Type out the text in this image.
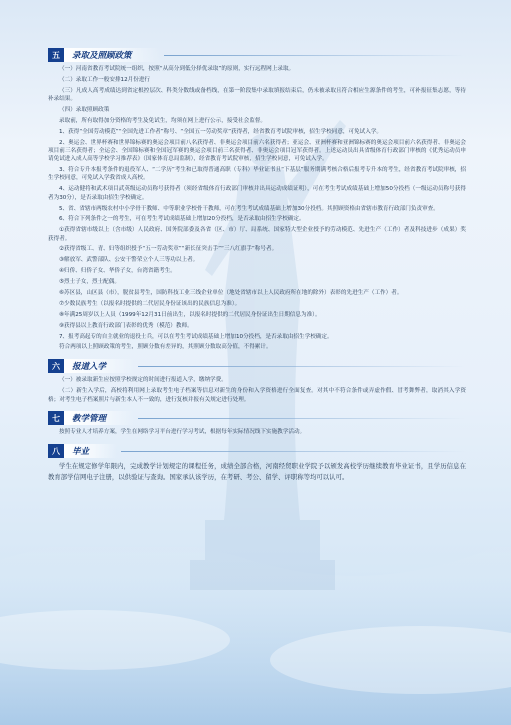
五	录取及照顾政策

（一）河南省教育考试院统一组织，按照“从高分到低分择优录取”的原则，实行远程网上录取。

（二）录取工作一般安排12月份进行

（三）凡成人高考成绩达到省定根控层次、科类分数线或备档线，在第一阶段集中录取填报结束后，仍未被录取且符合相应生源条件的考生，可补报征集志愿，等待补录结果。

（四）录取照顾政策

录取前，所有取得加分资格的考生及免试生，均须在网上进行公示，接受社会监督。

1、获得“全国劳动模范”“全国先进工作者”称号、“全国五一劳动奖章”获得者，经省教育考试院审核，招生学校同意，可免试入学。

2、奥运会、世界杯赛和世界锦标赛的奥运会项目前八名获得者、非奥运会项目前六名获得者；亚运会、亚洲杯赛和亚洲锦标赛的奥运会项目前六名获得者、非奥运会项目前三名获得者；全运会、全国锦标赛和全国冠军赛的奥运会项目前三名获得者、非奥运会项目冠军获得者。上述运动员出具省级体育行政部门审核的《优秀运动员申请免试进入成人高等学校学习推荐表》（国家体育总局监制），经省教育考试院审核，招生学校同意，可免试入学。

3、符合专升本报考条件的退役军人、“二学历”考生和已取得普通高职（专科）毕业证书且“下基层”服务期满考核合格后报考专升本的考生，经省教育考试院审核，招生学校同意，可免试入学我省成人高校。

4、运动健将和武术项目武英级运动员称号获得者（须经省级体育行政部门审核并出具运动成绩证明），可在考生考试成绩基础上增加50分投档（一级运动员称号获得者为30分），是否录取由招生学校确定。

5、省、省辖市两级农村中小学骨干教师、中等职业学校骨干教师，可在考生考试成绩基础上增加30分投档。其照顾资格由省辖市教育行政部门负责审查。

6、符合下列条件之一的考生，可在考生考试成绩基础上增加20分投档，是否录取由招生学校确定。

①获得省辖市级以上（含市级）人民政府、国务院部委及各省（区、市）厅、局系统、国家特大型企业授予的劳动模范、先进生产（工作）者及科技进步（成果）奖获得者。

②获得省级工、青、妇等组织授予“五一劳动奖章”“新长征突击手”“三八红旗手”称号者。

③解放军、武警部队、公安干警荣立个人三等功以上者。

④归侨、归侨子女、华侨子女，台湾省籍考生。

⑤烈士子女，烈士配偶。

⑥苏区县，山区县（市），脱贫县考生，国防科技工业三线企业单位（地处省辖市以上人民政府所在地的除外）表彰的先进生产（工作）者。

⑦少数民族考生（以报名时提供的二代居民身份证该出的民族信息为准）。

⑧年满25周岁以上人员（1999年12月31日前出生，以报名时提供的二代居民身份证出生日期信息为准）。

⑨获得县以上教育行政部门表彰的优秀（模范）教师。

7、报考高起专的自主就业的退役士兵，可以在考生考试成绩基础上增加10分投档，是否录取由招生学校确定。

符合两项以上照顾政策的考生，照顾分数有差异的，其照顾分数取高分值，不得累计。

六	报道入学

（一）被录取新生应按照学校规定的时间进行报道入学，缴纳学费。

（二）新生入学后，高校将利用网上录取考生电子档案等信息对新生的身份和入学资格进行全面复查。对其中不符合条件或弄虚作假、冒考舞弊者，取消其入学资格；对考生电子档案照片与新生本人不一致的，进行复核并报有关规定进行处理。

七	教学管理

按照专业人才培养方案，学生在网络学习平台进行学习考试，根据每年实际情况线下实施教学活动。

八	毕业

学生在规定修学年限内，完成教学计划规定的课程任务，成绩全部合格，河南经贸职业学院予以颁发高校学历继续教育毕业证书，且学历信息在教育部学信网电子注册，以供验证与查询。国家承认该学历，在考研、考公、留学、评职称等均可以认可。
